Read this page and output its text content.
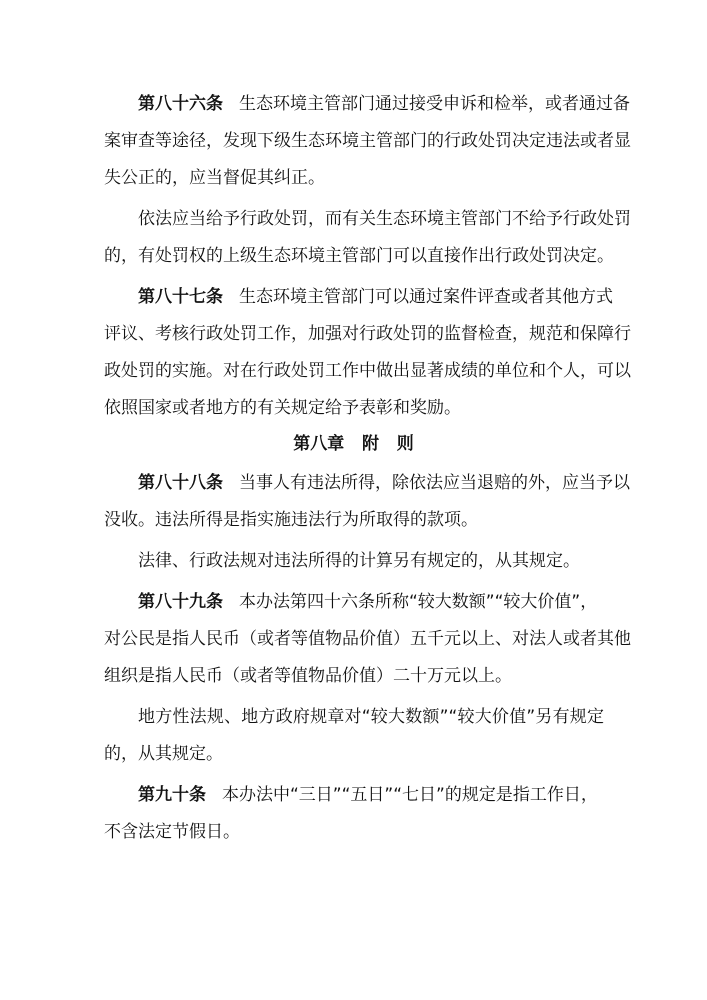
第八十六条 生态环境主管部门通过接受申诉和检举，或者通过备
案审查等途径，发现下级生态环境主管部门的行政处罚决定违法或者显
失公正的，应当督促其纠正。
依法应当给予行政处罚，而有关生态环境主管部门不给予行政处罚
的，有处罚权的上级生态环境主管部门可以直接作出行政处罚决定。
第八十七条 生态环境主管部门可以通过案件评查或者其他方式
评议、考核行政处罚工作，加强对行政处罚的监督检查，规范和保障行
政处罚的实施。对在行政处罚工作中做出显著成绩的单位和个人，可以
依照国家或者地方的有关规定给予表彰和奖励。
第八章   附   则
第八十八条 当事人有违法所得，除依法应当退赔的外，应当予以
没收。违法所得是指实施违法行为所取得的款项。
法律、行政法规对违法所得的计算另有规定的，从其规定。
第八十九条 本办法第四十六条所称“较大数额”“较大价值”，
对公民是指人民币（或者等值物品价值）五千元以上、对法人或者其他
组织是指人民币（或者等值物品价值）二十万元以上。
地方性法规、地方政府规章对“较大数额”“较大价值”另有规定
的，从其规定。
第九十条 本办法中“三日”“五日”“七日”的规定是指工作日，
不含法定节假日。
